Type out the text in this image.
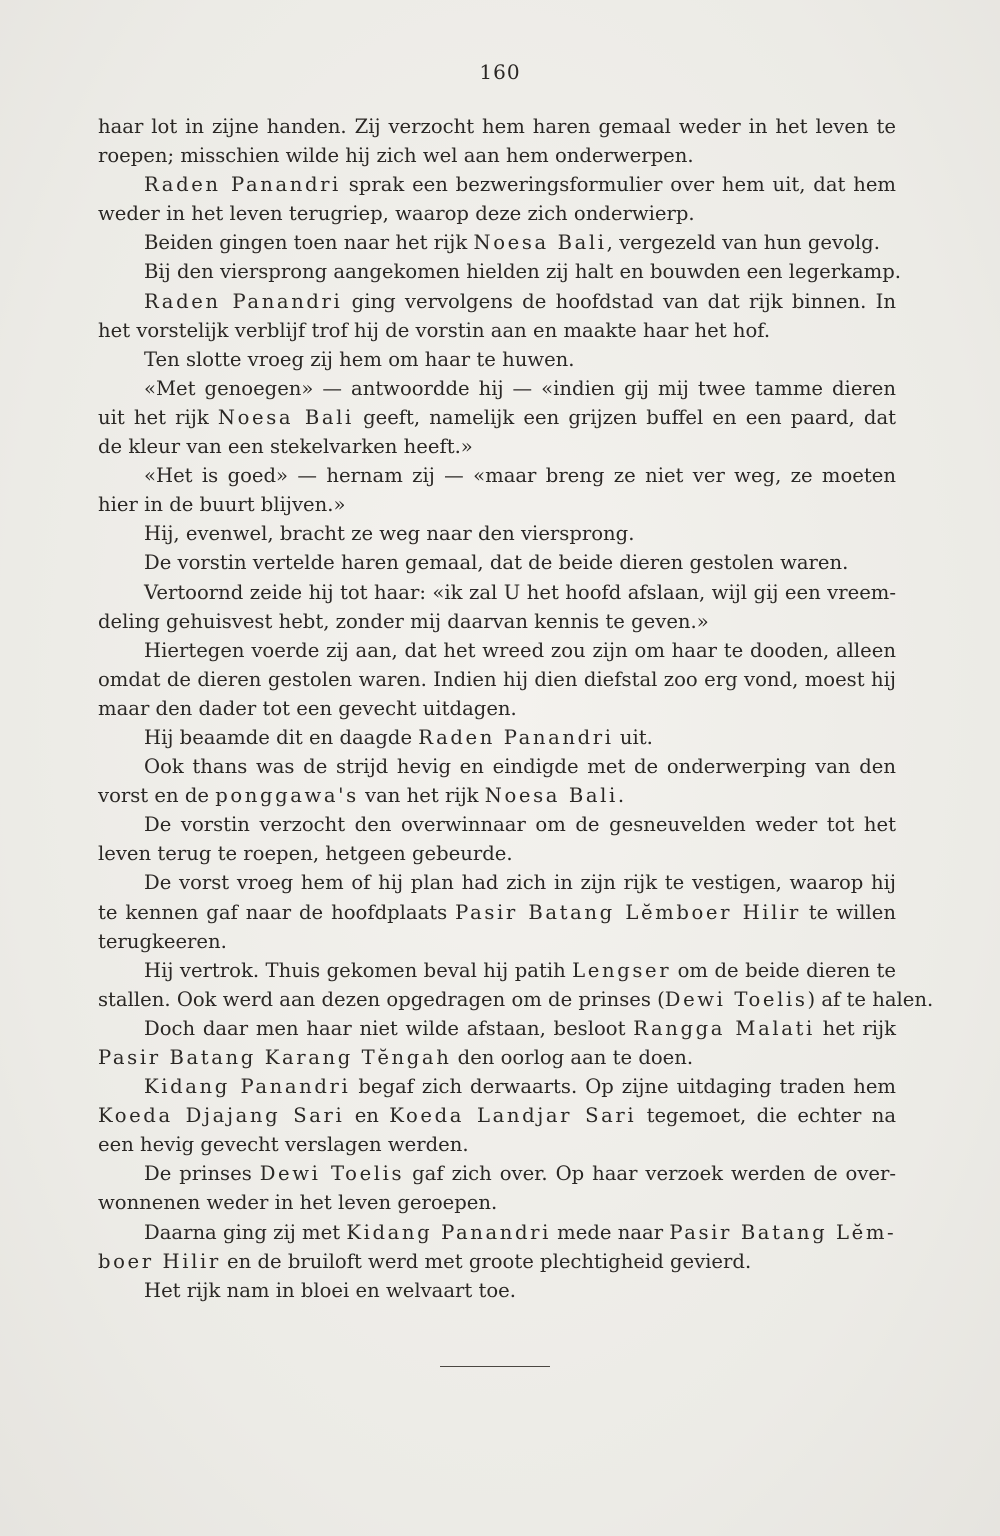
160
haar lot in zijne handen. Zij verzocht hem haren gemaal weder in het leven te
roepen; misschien wilde hij zich wel aan hem onderwerpen.
Raden Panandri sprak een bezweringsformulier over hem uit, dat hem
weder in het leven terugriep, waarop deze zich onderwierp.
Beiden gingen toen naar het rijk Noesa Bali, vergezeld van hun gevolg.
Bij den viersprong aangekomen hielden zij halt en bouwden een legerkamp.
Raden Panandri ging vervolgens de hoofdstad van dat rijk binnen. In
het vorstelijk verblijf trof hij de vorstin aan en maakte haar het hof.
Ten slotte vroeg zij hem om haar te huwen.
«Met genoegen» — antwoordde hij — «indien gij mij twee tamme dieren
uit het rijk Noesa Bali geeft, namelijk een grijzen buffel en een paard, dat
de kleur van een stekelvarken heeft.»
«Het is goed» — hernam zij — «maar breng ze niet ver weg, ze moeten
hier in de buurt blijven.»
Hij, evenwel, bracht ze weg naar den viersprong.
De vorstin vertelde haren gemaal, dat de beide dieren gestolen waren.
Vertoornd zeide hij tot haar: «ik zal U het hoofd afslaan, wijl gij een vreem-
deling gehuisvest hebt, zonder mij daarvan kennis te geven.»
Hiertegen voerde zij aan, dat het wreed zou zijn om haar te dooden, alleen
omdat de dieren gestolen waren. Indien hij dien diefstal zoo erg vond, moest hij
maar den dader tot een gevecht uitdagen.
Hij beaamde dit en daagde Raden Panandri uit.
Ook thans was de strijd hevig en eindigde met de onderwerping van den
vorst en de ponggawa's van het rijk Noesa Bali.
De vorstin verzocht den overwinnaar om de gesneuvelden weder tot het
leven terug te roepen, hetgeen gebeurde.
De vorst vroeg hem of hij plan had zich in zijn rijk te vestigen, waarop hij
te kennen gaf naar de hoofdplaats Pasir Batang Lĕmboer Hilir te willen
terugkeeren.
Hij vertrok. Thuis gekomen beval hij patih Lengser om de beide dieren te
stallen. Ook werd aan dezen opgedragen om de prinses (Dewi Toelis) af te halen.
Doch daar men haar niet wilde afstaan, besloot Rangga Malati het rijk
Pasir Batang Karang Tĕngah den oorlog aan te doen.
Kidang Panandri begaf zich derwaarts. Op zijne uitdaging traden hem
Koeda Djajang Sari en Koeda Landjar Sari tegemoet, die echter na
een hevig gevecht verslagen werden.
De prinses Dewi Toelis gaf zich over. Op haar verzoek werden de over-
wonnenen weder in het leven geroepen.
Daarna ging zij met Kidang Panandri mede naar Pasir Batang Lĕm-
boer Hilir en de bruiloft werd met groote plechtigheid gevierd.
Het rijk nam in bloei en welvaart toe.
